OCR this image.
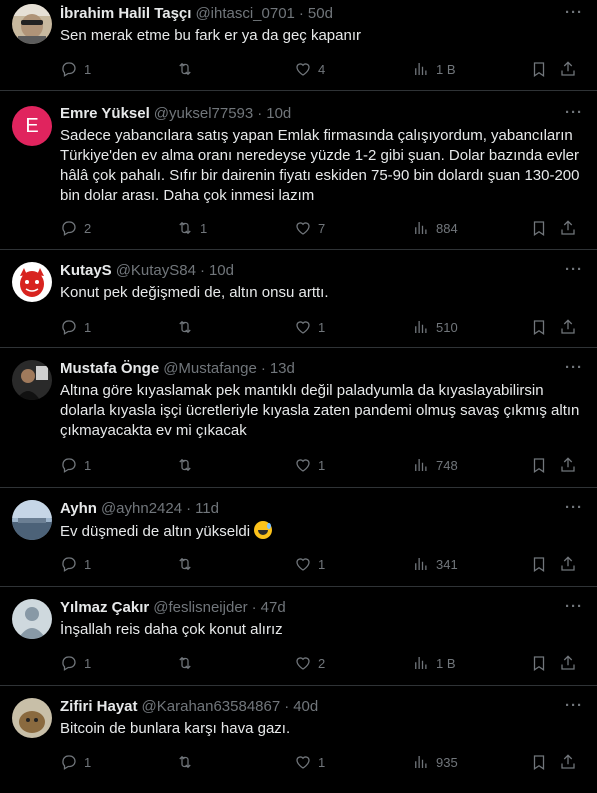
İbrahim Halil Taşçı @ihtasci_0701 · 50d	···
Sen merak etme bu fark er ya da geç kapanır
1	4	1 B
E
Emre Yüksel @yuksel77593 · 10d	···
Sadece yabancılara satış yapan Emlak firmasında çalışıyordum, yabancıların Türkiye'den ev alma oranı neredeyse yüzde 1-2 gibi şuan. Dolar bazında evler hâlâ çok pahalı. Sıfır bir dairenin fiyatı eskiden 75-90 bin dolardı şuan 130-200 bin dolar arası. Daha çok inmesi lazım
2	1	7	884
KutayS @KutayS84 · 10d	···
Konut pek değişmedi de, altın onsu arttı.
1	1	510
Mustafa Önge @Mustafange · 13d	···
Altına göre kıyaslamak pek mantıklı değil paladyumla da kıyaslayabilirsin dolarla kıyasla işçi ücretleriyle kıyasla zaten pandemi olmuş savaş çıkmış altın çıkmayacakta ev mi çıkacak
1	1	748
Ayhn @ayhn2424 · 11d	···
Ev düşmedi de altın yükseldi
1	1	341
Yılmaz Çakır @feslisneijder · 47d	···
İnşallah reis daha çok konut alırız
1	2	1 B
Zifiri Hayat @Karahan63584867 · 40d	···
Bitcoin de bunlara karşı hava gazı.
1	1	935
